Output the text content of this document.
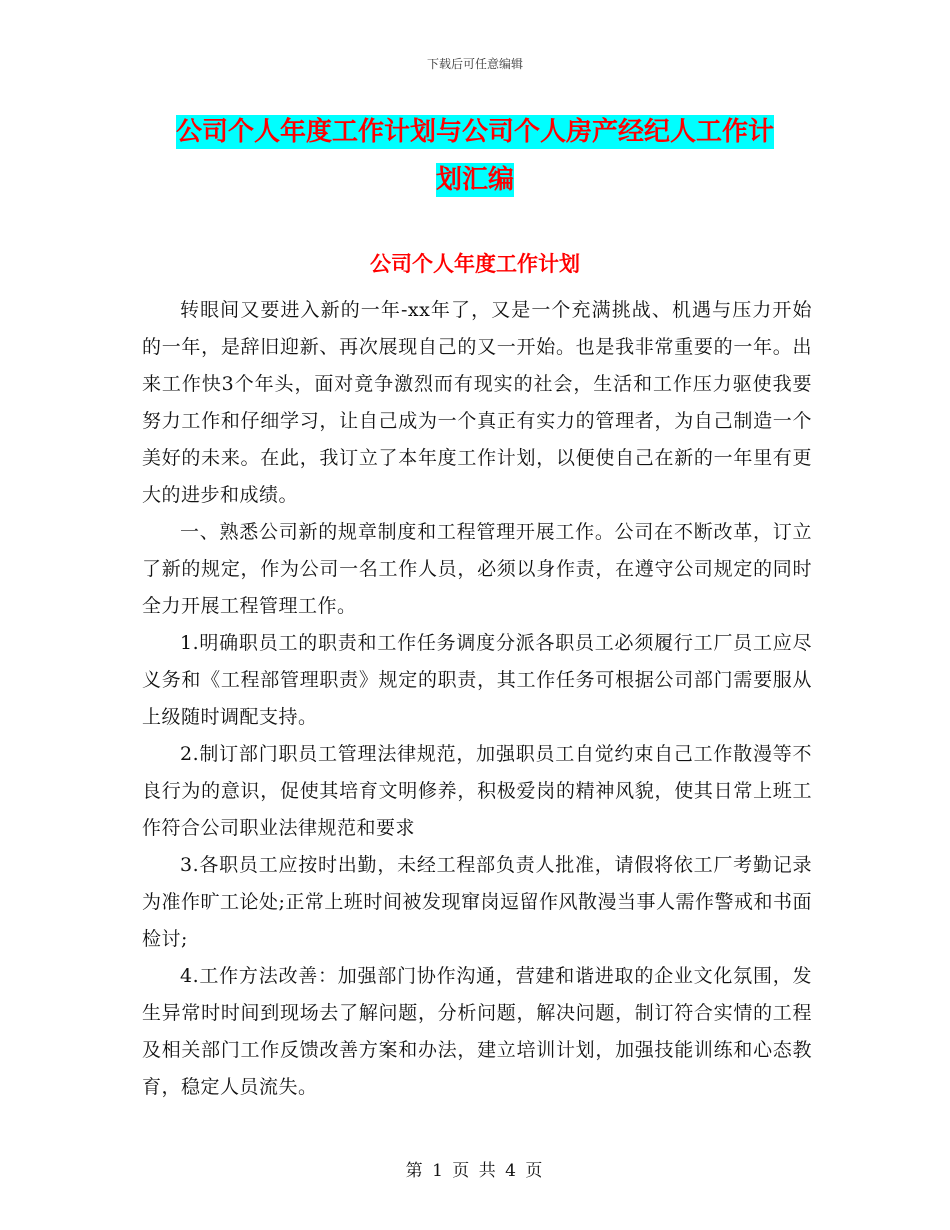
下载后可任意编辑
公司个人年度工作计划与公司个人房产经纪人工作计
划汇编
公司个人年度工作计划

转眼间又要进入新的一年-xx年了，又是一个充满挑战、机遇与压力开始的一年，是辞旧迎新、再次展现自己的又一开始。也是我非常重要的一年。出来工作快3个年头，面对竟争激烈而有现实的社会，生活和工作压力驱使我要努力工作和仔细学习，让自己成为一个真正有实力的管理者，为自己制造一个美好的未来。在此，我订立了本年度工作计划，以便使自己在新的一年里有更大的进步和成绩。

一、熟悉公司新的规章制度和工程管理开展工作。公司在不断改革，订立了新的规定，作为公司一名工作人员，必须以身作责，在遵守公司规定的同时全力开展工程管理工作。

1.明确职员工的职责和工作任务调度分派各职员工必须履行工厂员工应尽义务和《工程部管理职责》规定的职责，其工作任务可根据公司部门需要服从上级随时调配支持。

2.制订部门职员工管理法律规范，加强职员工自觉约束自己工作散漫等不良行为的意识，促使其培育文明修养，积极爱岗的精神风貌，使其日常上班工作符合公司职业法律规范和要求

3.各职员工应按时出勤，未经工程部负责人批准，请假将依工厂考勤记录为准作旷工论处;正常上班时间被发现窜岗逗留作风散漫当事人需作警戒和书面检讨;

4.工作方法改善：加强部门协作沟通，营建和谐进取的企业文化氛围，发生异常时时间到现场去了解问题，分析问题，解决问题，制订符合实情的工程及相关部门工作反馈改善方案和办法，建立培训计划，加强技能训练和心态教育，稳定人员流失。

第 1 页 共 4 页
